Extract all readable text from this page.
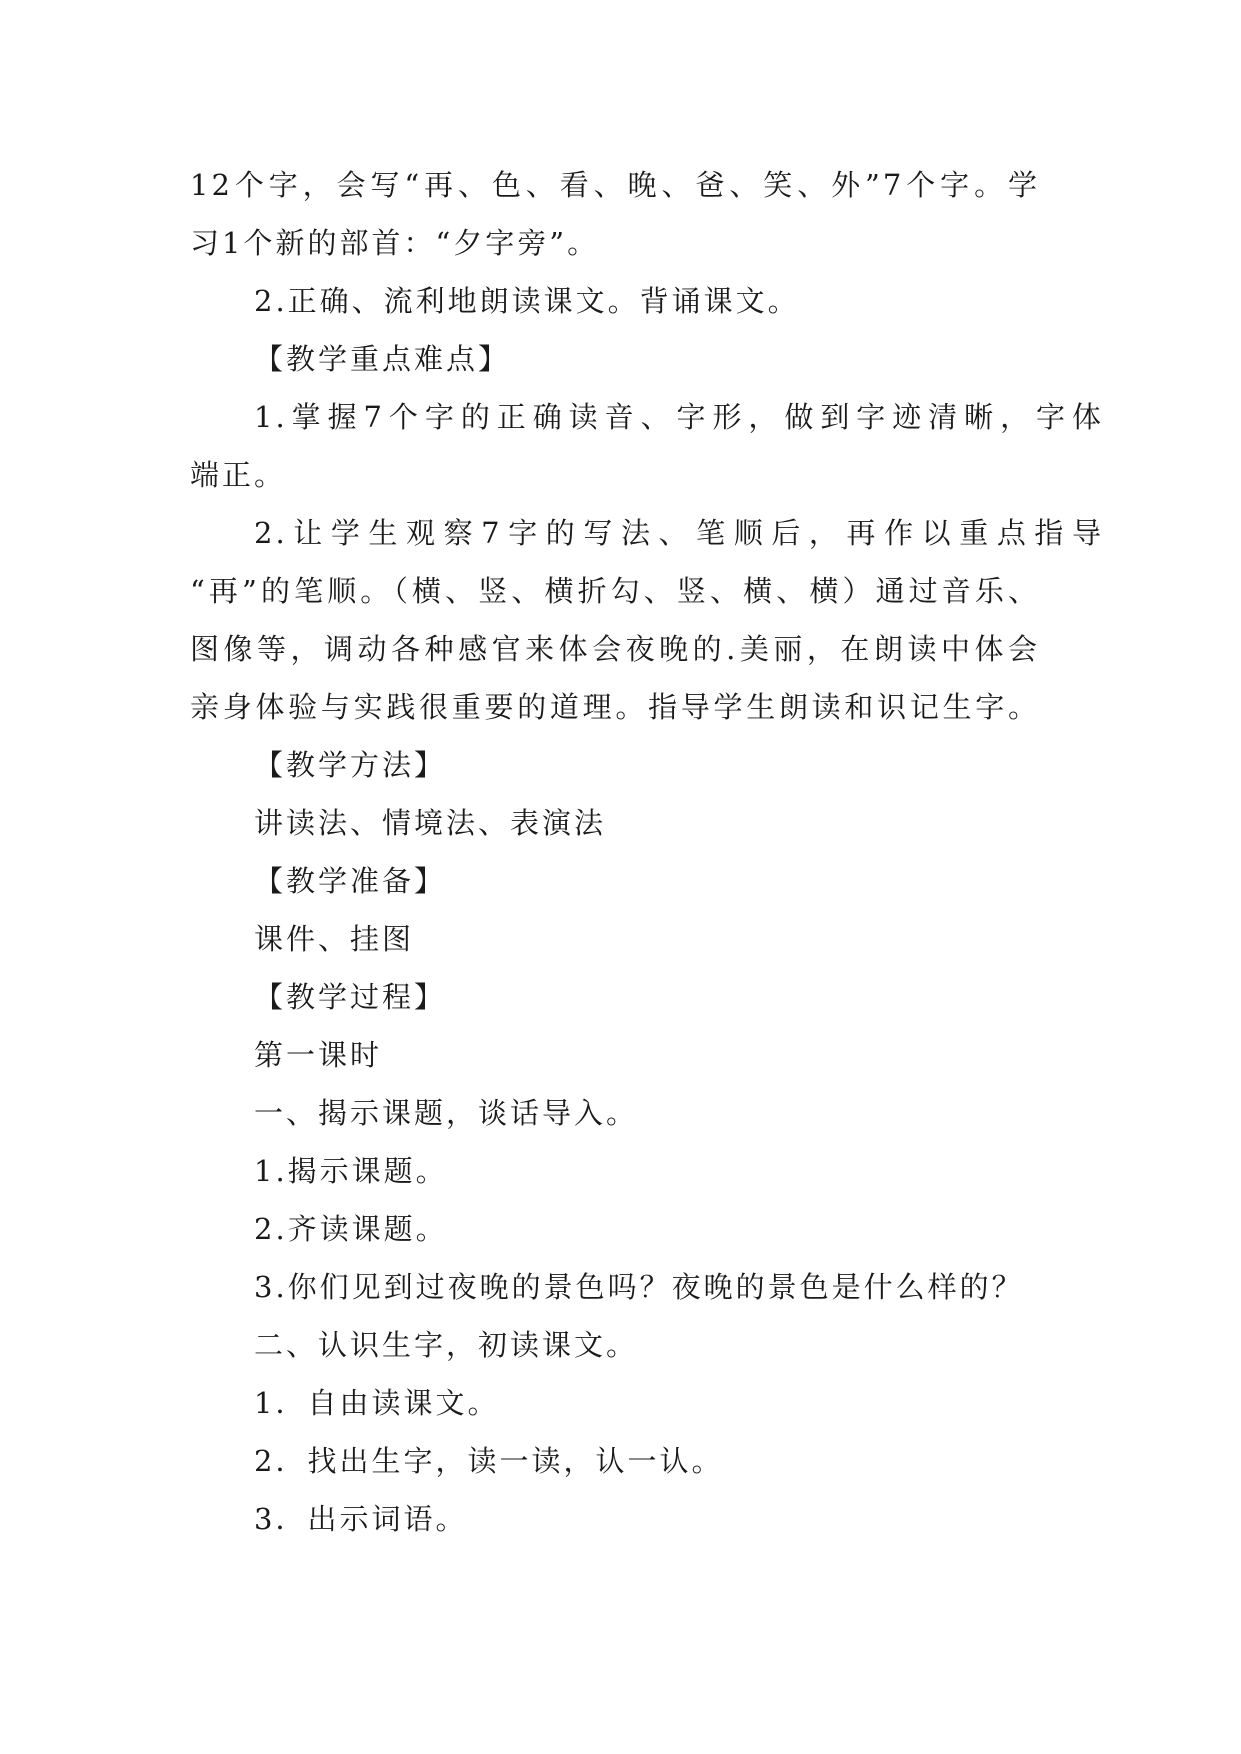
12个字，会写“再、色、看、晚、爸、笑、外”7个字。学
习1个新的部首：“夕字旁”。
2.正确、流利地朗读课文。背诵课文。
【教学重点难点】
1.掌握7个字的正确读音、字形，做到字迹清晰，字体
端正。
2.让学生观察7字的写法、笔顺后，再作以重点指导
“再”的笔顺。（横、竖、横折勾、竖、横、横）通过音乐、
图像等，调动各种感官来体会夜晚的.美丽，在朗读中体会
亲身体验与实践很重要的道理。指导学生朗读和识记生字。
【教学方法】
讲读法、情境法、表演法
【教学准备】
课件、挂图
【教学过程】
第一课时
一、揭示课题，谈话导入。
1.揭示课题。
2.齐读课题。
3.你们见到过夜晚的景色吗？夜晚的景色是什么样的？
二、认识生字，初读课文。
1．自由读课文。
2．找出生字，读一读，认一认。
3．出示词语。
